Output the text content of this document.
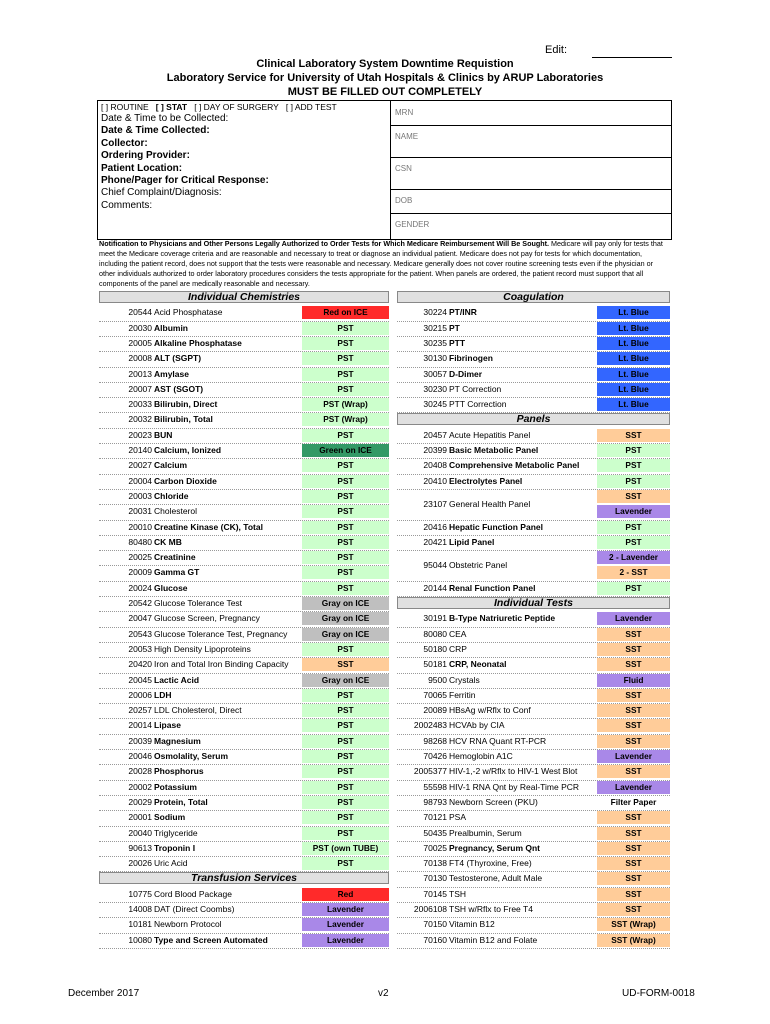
Edit:
Clinical Laboratory System Downtime Requistion
Laboratory Service for University of Utah Hospitals & Clinics by ARUP Laboratories
MUST BE FILLED OUT COMPLETELY
[ ] ROUTINE [ ] STAT [ ] DAY OF SURGERY [ ] ADD TEST
Date & Time to be Collected:
Date & Time Collected:
Collector:
Ordering Provider:
Patient Location:
Phone/Pager for Critical Response:
Chief Complaint/Diagnosis:
Comments:
MRN
NAME
CSN
DOB
GENDER
Notification to Physicians and Other Persons Legally Authorized to Order Tests for Which Medicare Reimbursement Will Be Sought. Medicare will pay only for tests that meet the Medicare coverage criteria and are reasonable and necessary to treat or diagnose an individual patient. Medicare does not pay for tests for which documentation, including the patient record, does not support that the tests were reasonable and necessary. Medicare generally does not cover routine screening tests even if the physician or other individuals authorized to order laboratory procedures considers the tests appropriate for the patient. When panels are ordered, the patient record must support that all components of the panel are medically reasonable and necessary.
Individual Chemistries
20544 Acid Phosphatase	Red on ICE
20030 Albumin	PST
20005 Alkaline Phosphatase	PST
20008 ALT (SGPT)	PST
20013 Amylase	PST
20007 AST (SGOT)	PST
20033 Bilirubin, Direct	PST (Wrap)
20032 Bilirubin, Total	PST (Wrap)
20023 BUN	PST
20140 Calcium, Ionized	Green on ICE
20027 Calcium	PST
20004 Carbon Dioxide	PST
20003 Chloride	PST
20031 Cholesterol	PST
20010 Creatine Kinase (CK), Total	PST
80480 CK MB	PST
20025 Creatinine	PST
20009 Gamma GT	PST
20024 Glucose	PST
20542 Glucose Tolerance Test	Gray on ICE
20047 Glucose Screen, Pregnancy	Gray on ICE
20543 Glucose Tolerance Test, Pregnancy	Gray on ICE
20053 High Density Lipoproteins	PST
20420 Iron and Total Iron Binding Capacity	SST
20045 Lactic Acid	Gray on ICE
20006 LDH	PST
20257 LDL Cholesterol, Direct	PST
20014 Lipase	PST
20039 Magnesium	PST
20046 Osmolality, Serum	PST
20028 Phosphorus	PST
20002 Potassium	PST
20029 Protein, Total	PST
20001 Sodium	PST
20040 Triglyceride	PST
90613 Troponin I	PST (own TUBE)
20026 Uric Acid	PST
Transfusion Services
10775 Cord Blood Package	Red
14008 DAT (Direct Coombs)	Lavender
10181 Newborn Protocol	Lavender
10080 Type and Screen Automated	Lavender
Coagulation
30224 PT/INR	Lt. Blue
30215 PT	Lt. Blue
30235 PTT	Lt. Blue
30130 Fibrinogen	Lt. Blue
30057 D-Dimer	Lt. Blue
30230 PT Correction	Lt. Blue
30245 PTT Correction	Lt. Blue
Panels
20457 Acute Hepatitis Panel	SST
20399 Basic Metabolic Panel	PST
20408 Comprehensive Metabolic Panel	PST
20410 Electrolytes Panel	PST
23107 General Health Panel
SST
Lavender
20416 Hepatic Function Panel	PST
20421 Lipid Panel	PST
95044 Obstetric Panel
2 - Lavender
2 - SST
20144 Renal Function Panel	PST
Individual Tests
30191 B-Type Natriuretic Peptide	Lavender
80080 CEA	SST
50180 CRP	SST
50181 CRP, Neonatal	SST
9500 Crystals	Fluid
70065 Ferritin	SST
20089 HBsAg w/Rflx to Conf	SST
2002483 HCVAb by CIA	SST
98268 HCV RNA Quant RT-PCR	SST
70426 Hemoglobin A1C	Lavender
2005377 HIV-1,-2 w/Rflx to HIV-1 West Blot	SST
55598 HIV-1 RNA Qnt by Real-Time PCR	Lavender
98793 Newborn Screen (PKU)	Filter Paper
70121 PSA	SST
50435 Prealbumin, Serum	SST
70025 Pregnancy, Serum Qnt	SST
70138 FT4 (Thyroxine, Free)	SST
70130 Testosterone, Adult Male	SST
70145 TSH	SST
2006108 TSH w/Rflx to Free T4	SST
70150 Vitamin B12	SST (Wrap)
70160 Vitamin B12 and Folate	SST (Wrap)
December 2017	v2	UD-FORM-0018
